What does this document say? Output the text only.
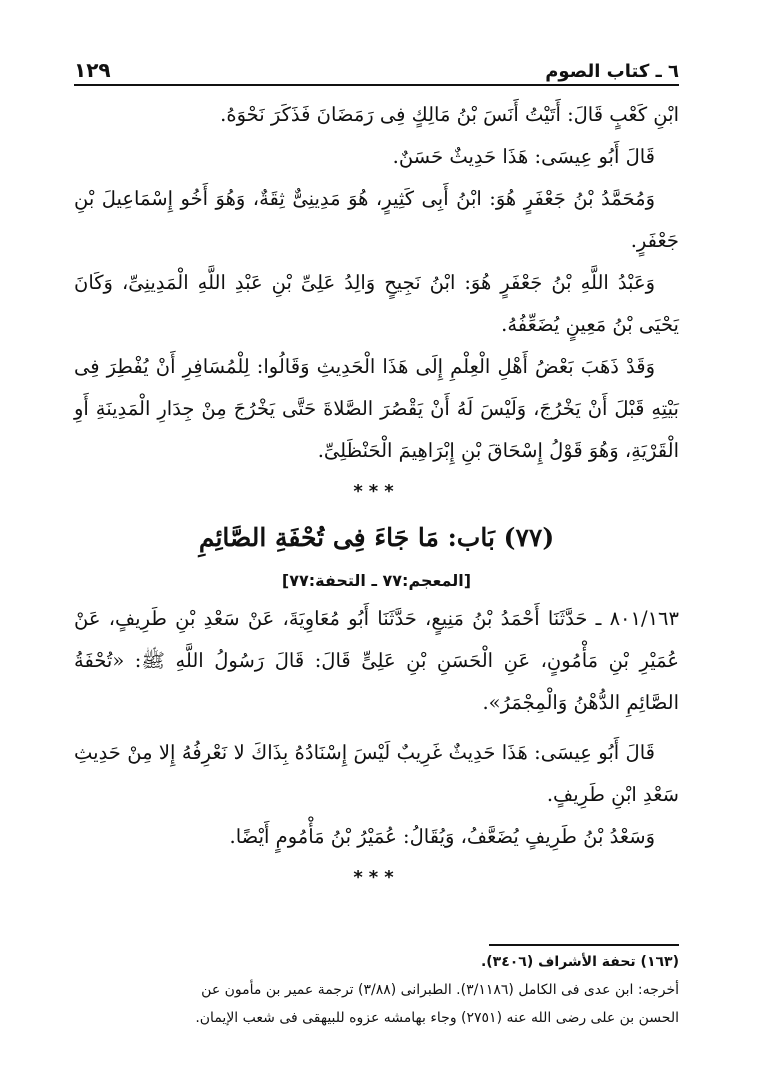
٦ ـ كتاب الصوم
١٢٩

ابْنِ كَعْبٍ قَالَ: أَتَيْتُ أَنَسَ بْنُ مَالِكٍ فِى رَمَضَانَ فَذَكَرَ نَحْوَهُ.

قَالَ أَبُو عِيسَى: هَذَا حَدِيثٌ حَسَنٌ.

وَمُحَمَّدُ بْنُ جَعْفَرٍ هُوَ: ابْنُ أَبِى كَثِيرٍ، هُوَ مَدِينِىٌّ ثِقَةٌ، وَهُوَ أَخُو إِسْمَاعِيلَ بْنِ جَعْفَرٍ.

وَعَبْدُ اللَّهِ بْنُ جَعْفَرٍ هُوَ: ابْنُ نَجِيحٍ وَالِدُ عَلِىِّ بْنِ عَبْدِ اللَّهِ الْمَدِينِىِّ، وَكَانَ يَحْيَى بْنُ مَعِينٍ يُضَعِّفُهُ.

وَقَدْ ذَهَبَ بَعْضُ أَهْلِ الْعِلْمِ إِلَى هَذَا الْحَدِيثِ وَقَالُوا: لِلْمُسَافِرِ أَنْ يُفْطِرَ فِى بَيْتِهِ قَبْلَ أَنْ يَخْرُجَ، وَلَيْسَ لَهُ أَنْ يَقْصُرَ الصَّلاةَ حَتَّى يَخْرُجَ مِنْ جِدَارِ الْمَدِينَةِ أَوِ الْقَرْيَةِ، وَهُوَ قَوْلُ إِسْحَاقَ بْنِ إِبْرَاهِيمَ الْحَنْظَلِىِّ.

***
(٧٧) بَاب: مَا جَاءَ فِى تُحْفَةِ الصَّائِمِ
[المعجم:٧٧ ـ التحفة:٧٧]

٨٠١/١٦٣ ـ حَدَّثَنَا أَحْمَدُ بْنُ مَنِيعٍ، حَدَّثَنَا أَبُو مُعَاوِيَةَ، عَنْ سَعْدِ بْنِ طَرِيفٍ، عَنْ عُمَيْرِ بْنِ مَأْمُونٍ، عَنِ الْحَسَنِ بْنِ عَلِىٍّ قَالَ: قَالَ رَسُولُ اللَّهِ ﷺ: «تُحْفَةُ الصَّائِمِ الدُّهْنُ وَالْمِجْمَرُ».

قَالَ أَبُو عِيسَى: هَذَا حَدِيثٌ غَرِيبٌ لَيْسَ إِسْنَادُهُ بِذَاكَ لا نَعْرِفُهُ إِلا مِنْ حَدِيثِ سَعْدِ ابْنِ طَرِيفٍ.

وَسَعْدُ بْنُ طَرِيفٍ يُضَعَّفُ، وَيُقَالُ: عُمَيْرُ بْنُ مَأْمُومٍ أَيْضًا.

***

(١٦٣) تحفة الأشراف (٣٤٠٦).

أخرجه: ابن عدى فى الكامل (٣/١١٨٦). الطبرانى (٣/٨٨) ترجمة عمير بن مأمون عن

الحسن بن على رضى الله عنه (٢٧٥١) وجاء بهامشه عزوه للبيهقى فى شعب الإيمان.
